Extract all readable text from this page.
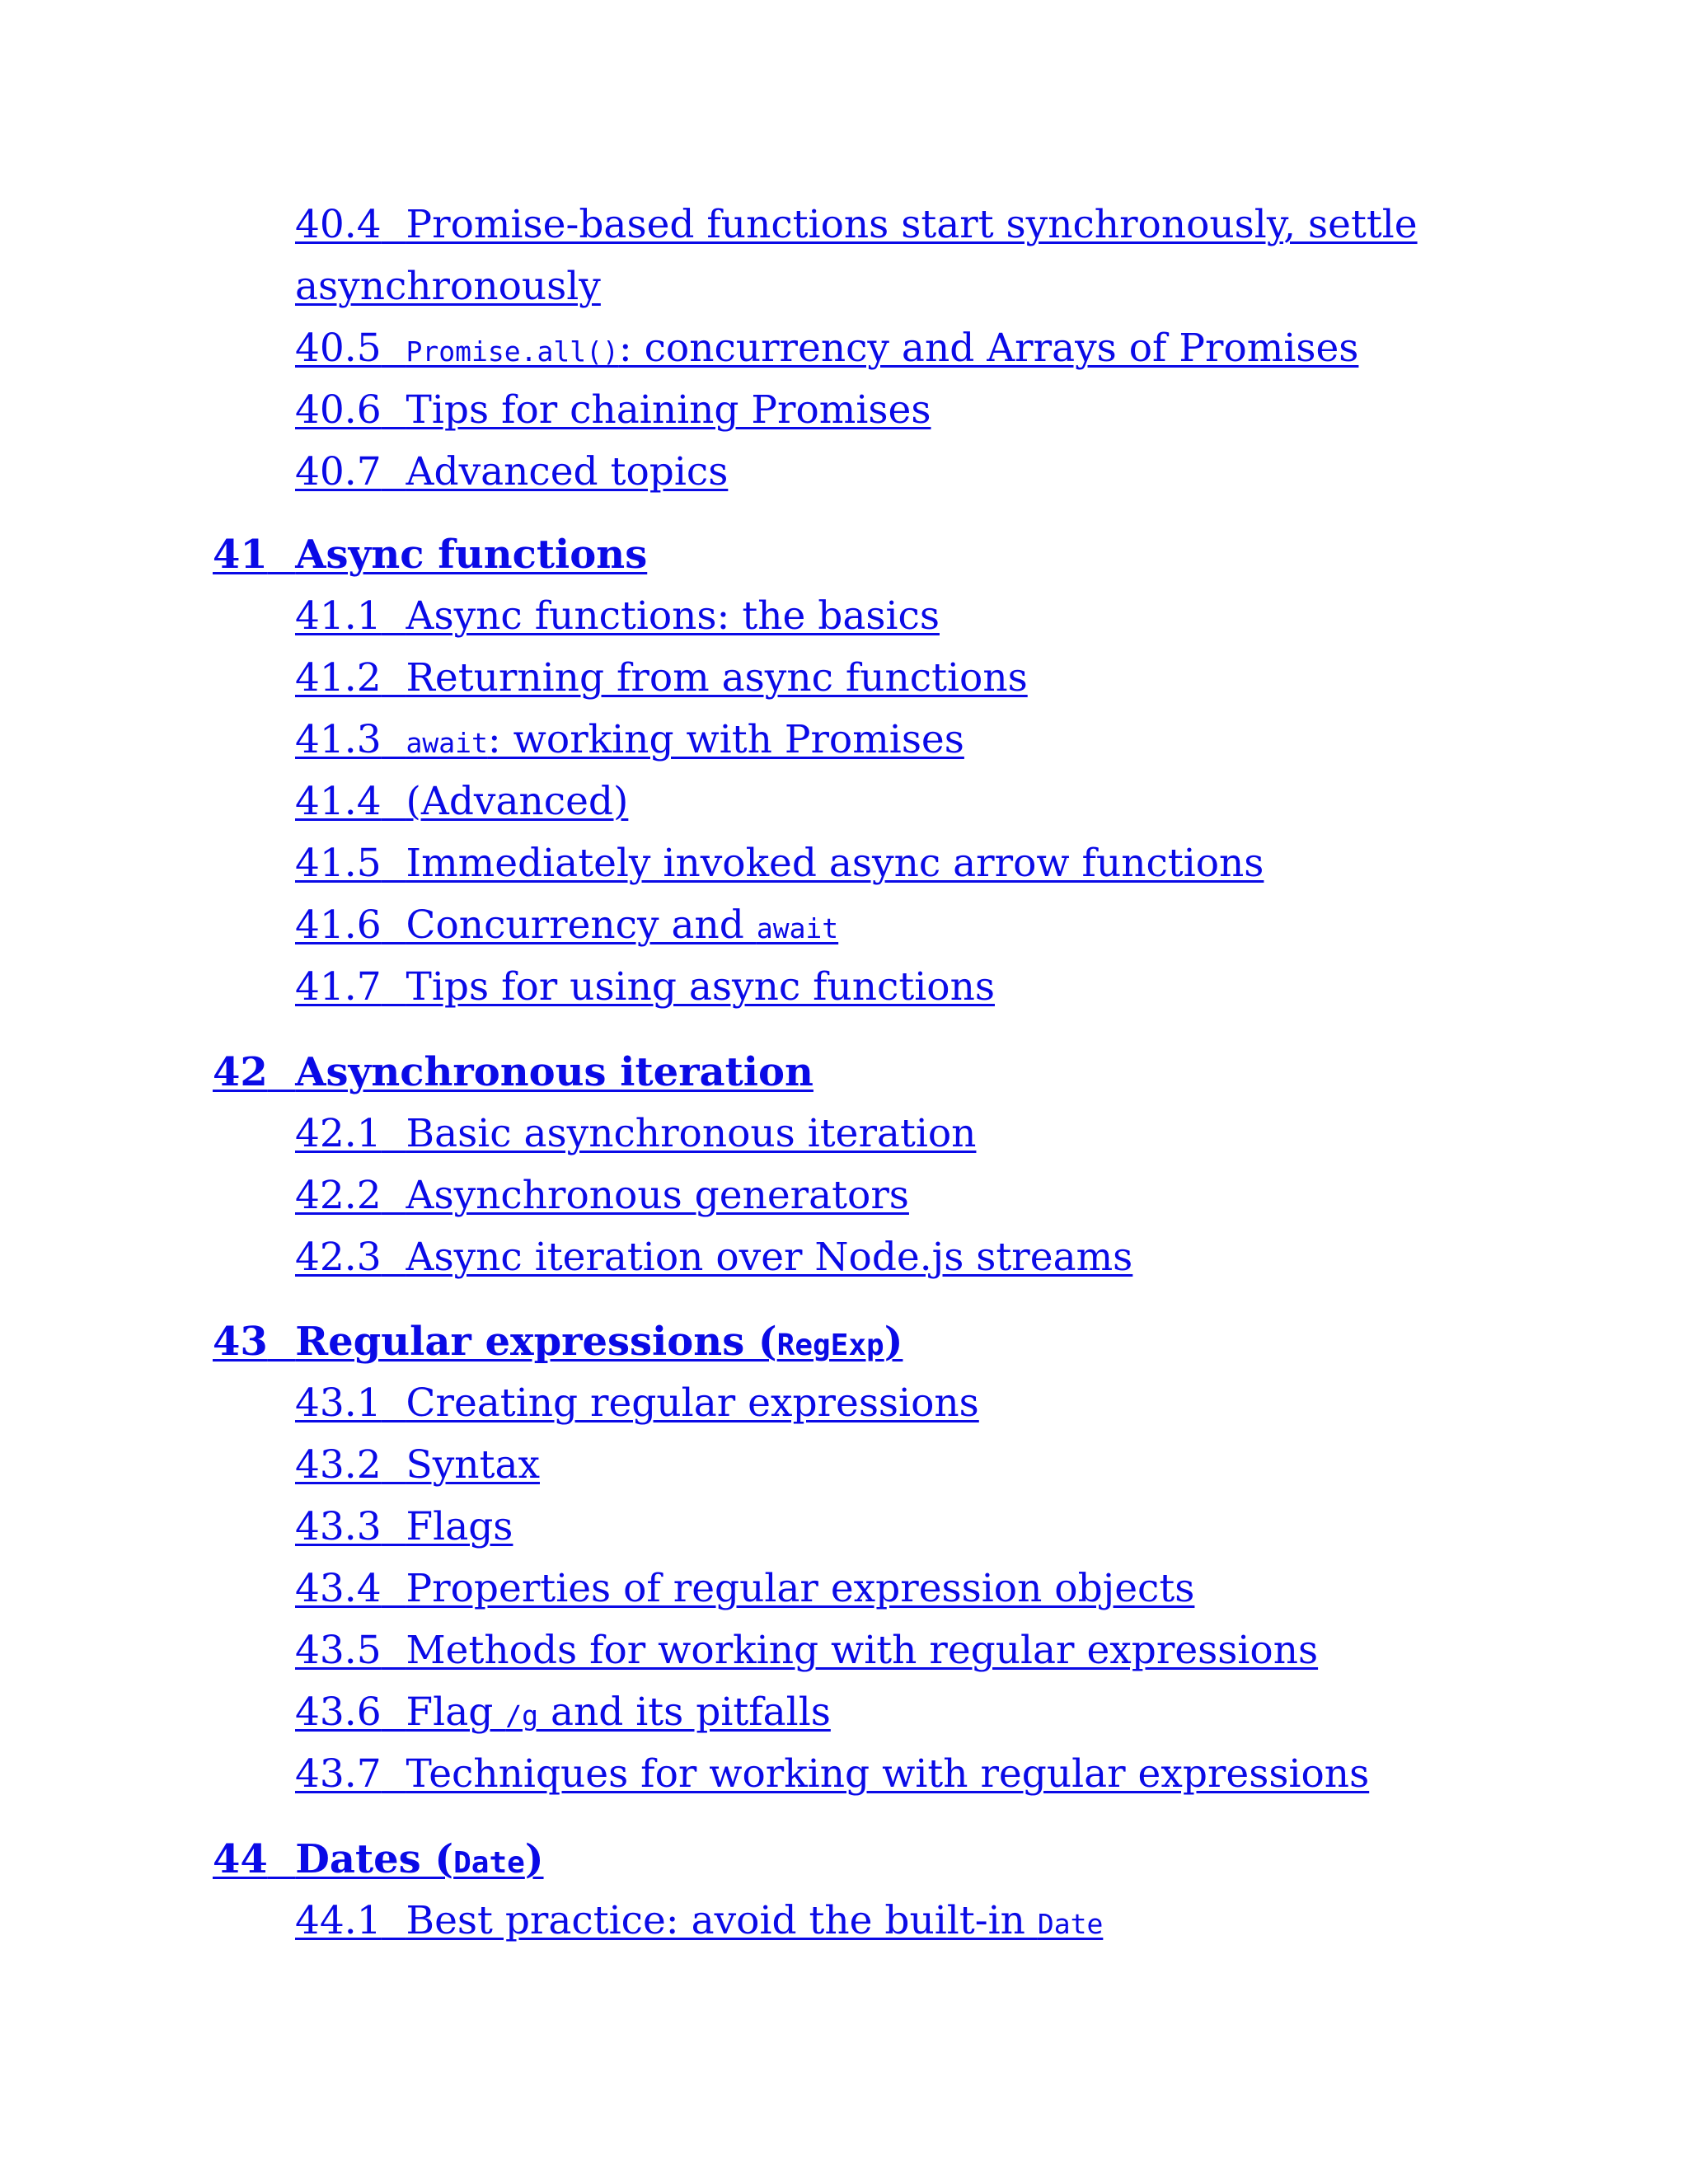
40.4 Promise-based functions start synchronously, settle
asynchronously
40.5 Promise.all(): concurrency and Arrays of Promises
40.6 Tips for chaining Promises
40.7 Advanced topics
41 Async functions
41.1 Async functions: the basics
41.2 Returning from async functions
41.3 await: working with Promises
41.4 (Advanced)
41.5 Immediately invoked async arrow functions
41.6 Concurrency and await
41.7 Tips for using async functions
42 Asynchronous iteration
42.1 Basic asynchronous iteration
42.2 Asynchronous generators
42.3 Async iteration over Node.js streams
43 Regular expressions (RegExp)
43.1 Creating regular expressions
43.2 Syntax
43.3 Flags
43.4 Properties of regular expression objects
43.5 Methods for working with regular expressions
43.6 Flag /g and its pitfalls
43.7 Techniques for working with regular expressions
44 Dates (Date)
44.1 Best practice: avoid the built-in Date
